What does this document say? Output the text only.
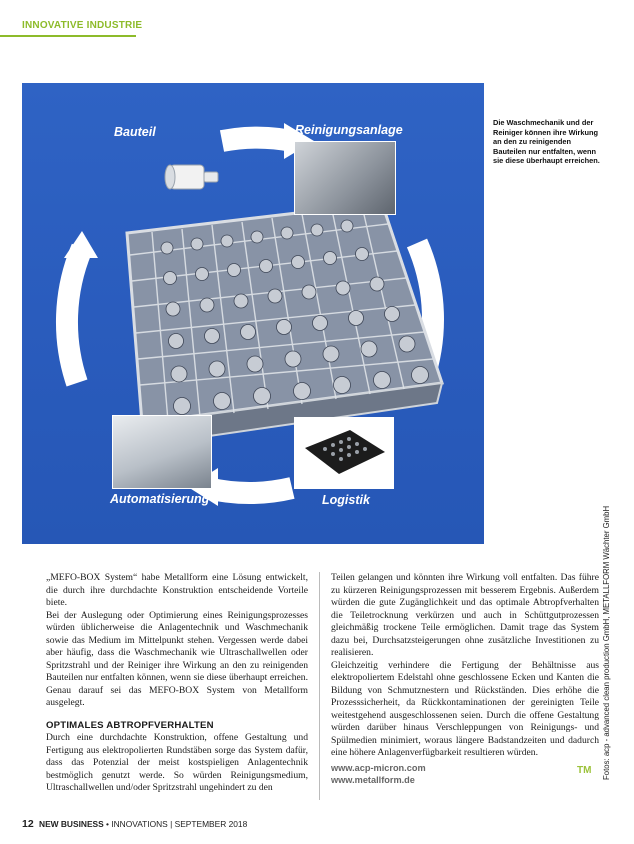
INNOVATIVE INDUSTRIE
Bauteil	Reinigungsanlage
Automatisierung	Logistik
Die Waschmechanik und der Reiniger können ihre Wirkung an den zu reinigenden Bauteilen nur entfalten, wenn sie diese überhaupt erreichen.
Fotos: acp - advanced clean production GmbH, METALLFORM Wächter GmbH

„MEFO-BOX System“ habe Metallform eine Lösung entwickelt, die durch ihre durchdachte Konstruktion entscheidende Vorteile biete.

Bei der Auslegung oder Optimierung eines Reinigungsprozesses würden üblicherweise die Anlagentechnik und Waschmechanik sowie das Medium im Mittelpunkt stehen. Vergessen werde dabei aber häufig, dass die Waschmechanik wie Ultraschallwellen oder Spritzstrahl und der Reiniger ihre Wirkung an den zu reinigenden Bauteilen nur entfalten können, wenn sie diese überhaupt erreichen. Genau darauf sei das MEFO-BOX System von Metallform ausgelegt.

OPTIMALES ABTROPFVERHALTEN

Durch eine durchdachte Konstruktion, offene Gestaltung und Fertigung aus elektropolierten Rundstäben sorge das System dafür, dass das Potenzial der meist kostspieligen Anlagentechnik bestmöglich genutzt werde. So würden Reinigungsmedium, Ultraschallwellen und/oder Spritzstrahl ungehindert zu den

Teilen gelangen und könnten ihre Wirkung voll entfalten. Das führe zu kürzeren Reinigungsprozessen mit besserem Ergebnis. Außerdem würden die gute Zugänglichkeit und das optimale Abtropfverhalten die Teiletrocknung verkürzen und auch in Schüttgutprozessen gleichmäßig trockene Teile ermöglichen. Damit trage das System dazu bei, Durchsatzsteigerungen ohne zusätzliche Investitionen zu realisieren.

Gleichzeitig verhindere die Fertigung der Behältnisse aus elektropoliertem Edelstahl ohne geschlossene Ecken und Kanten die Bildung von Schmutznestern und Rückständen. Dies erhöhe die Prozesssicherheit, da Rückkontaminationen der gereinigten Teile weitestgehend ausgeschlossenen seien. Durch die offene Gestaltung würden darüber hinaus Verschleppungen von Reinigungs- und Spülmedien minimiert, woraus längere Badstandzeiten und dadurch eine höhere Anlagenverfügbarkeit resultieren würden.

www.acp-micron.com
www.metallform.de
TM
12 NEW BUSINESS • INNOVATIONS | SEPTEMBER 2018
